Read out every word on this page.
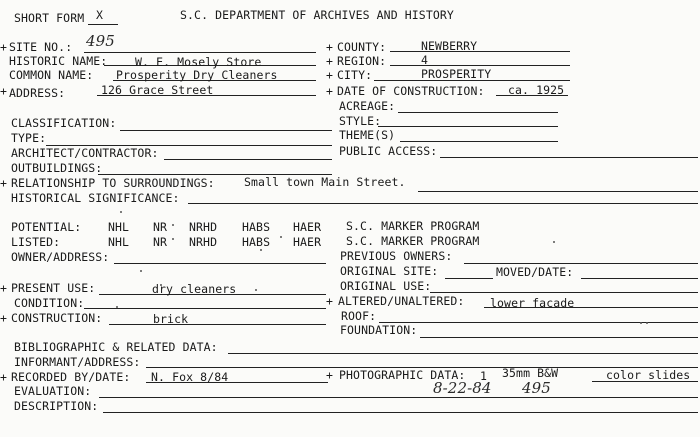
SHORT FORM X	S.C. DEPARTMENT OF ARCHIVES AND HISTORY
+ SITE NO.: 495
HISTORIC NAME: W. E. Mosely Store
COMMON NAME: Prosperity Dry Cleaners
+ ADDRESS:	126 Grace Street
+ COUNTY:	NEWBERRY
+ REGION:	4
+ CITY:	PROSPERITY
+ DATE OF CONSTRUCTION: ca. 1925
ACREAGE:
STYLE:
THEME(S)
PUBLIC ACCESS:
CLASSIFICATION:
TYPE:
ARCHITECT/CONTRACTOR:
OUTBUILDINGS:
+ RELATIONSHIP TO SURROUNDINGS:	Small town Main Street.
HISTORICAL SIGNIFICANCE:
POTENTIAL: NHL NR NRHD HABS HAER S.C. MARKER PROGRAM
LISTED:	NHL NR NRHD HABS HAER S.C. MARKER PROGRAM
OWNER/ADDRESS:	PREVIOUS OWNERS:
ORIGINAL SITE:	MOVED/DATE:
+ PRESENT USE:	dry cleaners	ORIGINAL USE:
CONDITION:	+ ALTERED/UNALTERED: lower facade
+ CONSTRUCTION:	brick	ROOF:
FOUNDATION:
BIBLIOGRAPHIC & RELATED DATA:
INFORMANT/ADDRESS:
+ RECORDED BY/DATE: N. Fox 8/84	+ PHOTOGRAPHIC DATA: 1 35mm B&W	color slides
8-22-84 495
EVALUATION:
DESCRIPTION:
